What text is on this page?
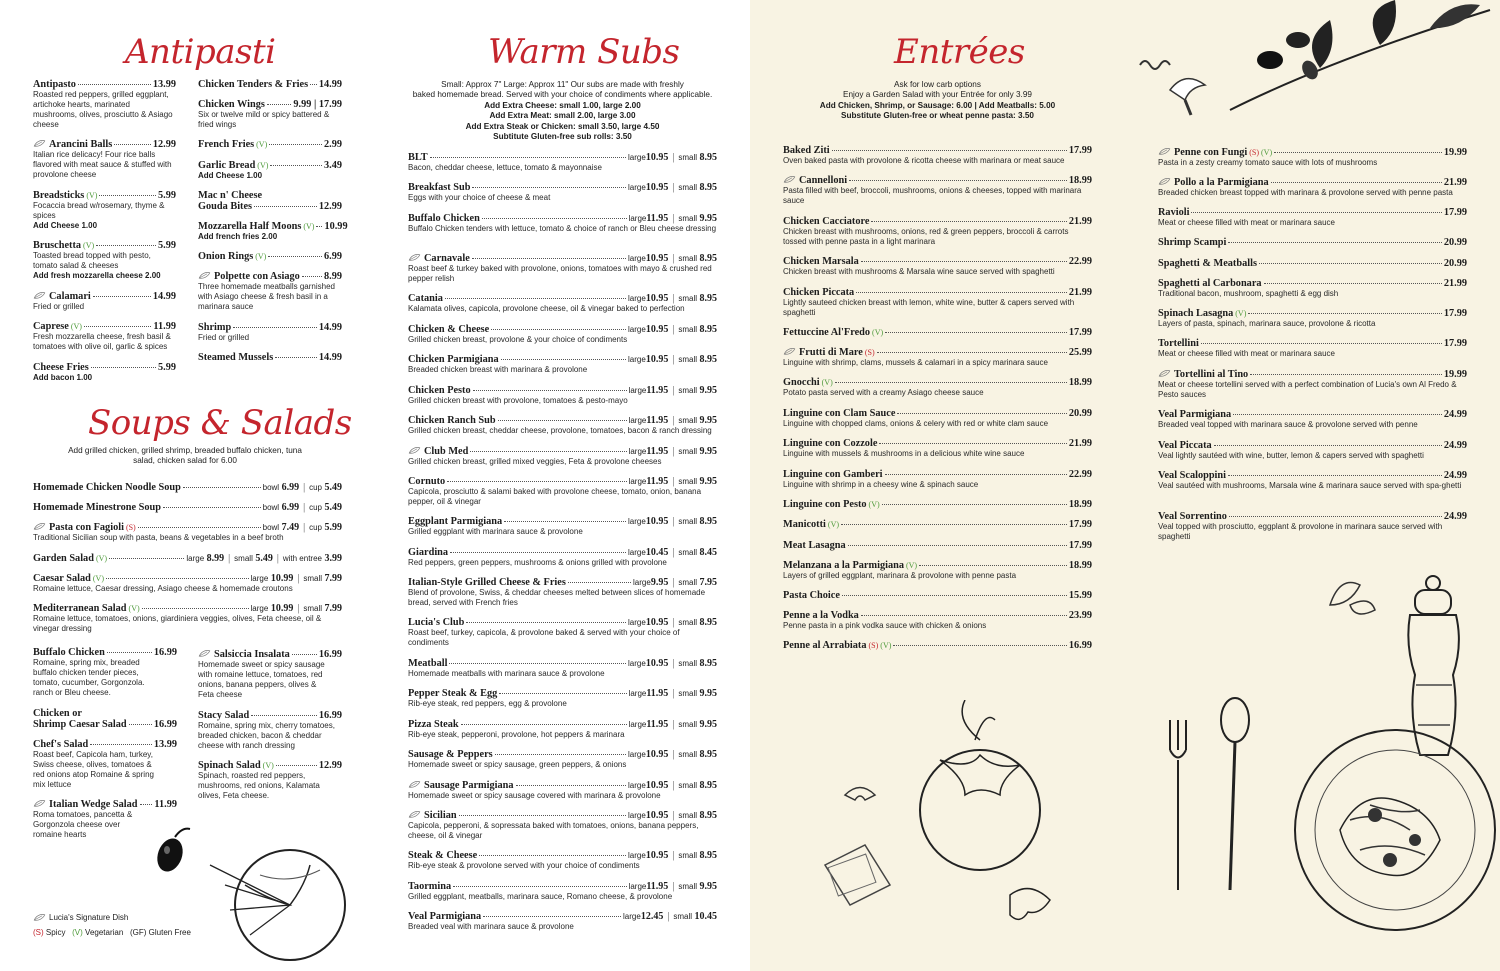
Antipasti
Antipasto	13.99
Roasted red peppers, grilled eggplant, artichoke hearts, marinated mushrooms, olives, prosciutto & Asiago cheese
Arancini Balls	12.99
Italian rice delicacy! Four rice balls flavored with meat sauce & stuffed with provolone cheese
Breadsticks (V)	5.99
Focaccia bread w/rosemary, thyme & spices
Add Cheese 1.00
Bruschetta (V)	5.99
Toasted bread topped with pesto, tomato salad & cheeses
Add fresh mozzarella cheese 2.00
Calamari	14.99
Fried or grilled
Caprese (V)	11.99
Fresh mozzarella cheese, fresh basil & tomatoes with olive oil, garlic & spices
Cheese Fries	5.99
Add bacon 1.00
Chicken Tenders & Fries 14.99
Chicken Wings	9.99 | 17.99
Six or twelve mild or spicy battered & fried wings
French Fries (V)	2.99
Garlic Bread (V)	3.49
Add Cheese 1.00
Mac n' Cheese
Gouda Bites	12.99
Mozzarella Half Moons (V) 10.99
Add french fries 2.00
Onion Rings (V)	6.99
Polpette con Asiago 8.99
Three homemade meatballs garnished with Asiago cheese & fresh basil in a marinara sauce
Shrimp	14.99
Fried or grilled
Steamed Mussels	14.99
Soups & Salads
Add grilled chicken, grilled shrimp, breaded buffalo chicken, tuna salad, chicken salad for 6.00
Homemade Chicken Noodle Soup	bowl 6.99 | cup 5.49
Homemade Minestrone Soup	bowl 6.99 | cup 5.49
Pasta con Fagioli (S)	bowl 7.49 | cup 5.99
Traditional Sicilian soup with pasta, beans & vegetables in a beef broth
Garden Salad (V)	large 8.99 | small 5.49 | with entree 3.99
Caesar Salad (V)	large 10.99 | small 7.99
Romaine lettuce, Caesar dressing, Asiago cheese & homemade croutons
Mediterranean Salad (V)	large 10.99 | small 7.99
Romaine lettuce, tomatoes, onions, giardiniera veggies, olives, Feta cheese, oil & vinegar dressing
Buffalo Chicken	16.99
Romaine, spring mix, breaded buffalo chicken tender pieces, tomato, cucumber, Gorgonzola. ranch or Bleu cheese.
Chicken or
Shrimp Caesar Salad	16.99
Chef's Salad	13.99
Roast beef, Capicola ham, turkey, Swiss cheese, olives, tomatoes & red onions atop Romaine & spring mix lettuce
Italian Wedge Salad 11.99
Roma tomatoes, pancetta & Gorgonzola cheese over romaine hearts
Salsiccia Insalata	16.99
Homemade sweet or spicy sausage with romaine lettuce, tomatoes, red onions, banana peppers, olives & Feta cheese
Stacy Salad	16.99
Romaine, spring mix, cherry tomatoes, breaded chicken, bacon & cheddar cheese with ranch dressing
Spinach Salad (V)	12.99
Spinach, roasted red peppers, mushrooms, red onions, Kalamata olives, Feta cheese.
Lucia's Signature Dish
(S) Spicy (V) Vegetarian (GF) Gluten Free
Warm Subs
Small: Approx 7" Large: Approx 11" Our subs are made with freshly
baked homemade bread. Served with your choice of condiments where applicable.
Add Extra Cheese: small 1.00, large 2.00
Add Extra Meat: small 2.00, large 3.00
Add Extra Steak or Chicken: small 3.50, large 4.50
Subtitute Gluten-free sub rolls: 3.50
BLT	large10.95 | small 8.95
Bacon, cheddar cheese, lettuce, tomato & mayonnaise
Breakfast Sub	large10.95 | small 8.95
Eggs with your choice of cheese & meat
Buffalo Chicken	large11.95 | small 9.95
Buffalo Chicken tenders with lettuce, tomato & choice of ranch or Bleu cheese dressing
Carnavale	large10.95 | small 8.95
Roast beef & turkey baked with provolone, onions, tomatoes with mayo & crushed red pepper relish
Catania	large10.95 | small 8.95
Kalamata olives, capicola, provolone cheese, oil & vinegar baked to perfection
Chicken & Cheese	large10.95 | small 8.95
Grilled chicken breast, provolone & your choice of condiments
Chicken Parmigiana	large10.95 | small 8.95
Breaded chicken breast with marinara & provolone
Chicken Pesto	large11.95 | small 9.95
Grilled chicken breast with provolone, tomatoes & pesto-mayo
Chicken Ranch Sub	large11.95 | small 9.95
Grilled chicken breast, cheddar cheese, provolone, tomatoes, bacon & ranch dressing
Club Med	large11.95 | small 9.95
Grilled chicken breast, grilled mixed veggies, Feta & provolone cheeses
Cornuto	large11.95 | small 9.95
Capicola, prosciutto & salami baked with provolone cheese, tomato, onion, banana pepper, oil & vinegar
Eggplant Parmigiana	large10.95 | small 8.95
Grilled eggplant with marinara sauce & provolone
Giardina	large10.45 | small 8.45
Red peppers, green peppers, mushrooms & onions grilled with provolone
Italian-Style Grilled Cheese & Fries	large9.95 | small 7.95
Blend of provolone, Swiss, & cheddar cheeses melted between slices of homemade bread, served with French fries
Lucia's Club	large10.95 | small 8.95
Roast beef, turkey, capicola, & provolone baked & served with your choice of condiments
Meatball	large10.95 | small 8.95
Homemade meatballs with marinara sauce & provolone
Pepper Steak & Egg	large11.95 | small 9.95
Rib-eye steak, red peppers, egg & provolone
Pizza Steak	large11.95 | small 9.95
Rib-eye steak, pepperoni, provolone, hot peppers & marinara
Sausage & Peppers	large10.95 | small 8.95
Homemade sweet or spicy sausage, green peppers, & onions
Sausage Parmigiana	large10.95 | small 8.95
Homemade sweet or spicy sausage covered with marinara & provolone
Sicilian	large10.95 | small 8.95
Capicola, pepperoni, & sopressata baked with tomatoes, onions, banana peppers, cheese, oil & vinegar
Steak & Cheese	large10.95 | small 8.95
Rib-eye steak & provolone served with your choice of condiments
Taormina	large11.95 | small 9.95
Grilled eggplant, meatballs, marinara sauce, Romano cheese, & provolone
Veal Parmigiana	large12.45 | small 10.45
Breaded veal with marinara sauce & provolone
Entrées
Ask for low carb options
Enjoy a Garden Salad with your Entrée for only 3.99
Add Chicken, Shrimp, or Sausage: 6.00 | Add Meatballs: 5.00
Substitute Gluten-free or wheat penne pasta: 3.50
Baked Ziti	17.99
Oven baked pasta with provolone & ricotta cheese with marinara or meat sauce
Cannelloni	18.99
Pasta filled with beef, broccoli, mushrooms, onions & cheeses, topped with marinara sauce
Chicken Cacciatore	21.99
Chicken breast with mushrooms, onions, red & green peppers, broccoli & carrots tossed with penne pasta in a light marinara
Chicken Marsala	22.99
Chicken breast with mushrooms & Marsala wine sauce served with spaghetti
Chicken Piccata	21.99
Lightly sauteed chicken breast with lemon, white wine, butter & capers served with spaghetti
Fettuccine Al'Fredo (V)	17.99
Frutti di Mare (S)	25.99
Linguine with shrimp, clams, mussels & calamari in a spicy marinara sauce
Gnocchi (V)	18.99
Potato pasta served with a creamy Asiago cheese sauce
Linguine con Clam Sauce	20.99
Linguine with chopped clams, onions & celery with red or white clam sauce
Linguine con Cozzole	21.99
Linguine with mussels & mushrooms in a delicious white wine sauce
Linguine con Gamberi	22.99
Linguine with shrimp in a cheesy wine & spinach sauce
Linguine con Pesto (V)	18.99
Manicotti (V)	17.99
Meat Lasagna	17.99
Melanzana a la Parmigiana (V)	18.99
Layers of grilled eggplant, marinara & provolone with penne pasta
Pasta Choice	15.99
Penne a la Vodka	23.99
Penne pasta in a pink vodka sauce with chicken & onions
Penne al Arrabiata (S) (V)	16.99
Penne con Fungi (S) (V)	19.99
Pasta in a zesty creamy tomato sauce with lots of mushrooms
Pollo a la Parmigiana	21.99
Breaded chicken breast topped with marinara & provolone served with penne pasta
Ravioli	17.99
Meat or cheese filled with meat or marinara sauce
Shrimp Scampi	20.99
Spaghetti & Meatballs	20.99
Spaghetti al Carbonara	21.99
Traditional bacon, mushroom, spaghetti & egg dish
Spinach Lasagna (V)	17.99
Layers of pasta, spinach, marinara sauce, provolone & ricotta
Tortellini	17.99
Meat or cheese filled with meat or marinara sauce
Tortellini al Tino	19.99
Meat or cheese tortellini served with a perfect combination of Lucia's own Al Fredo & Pesto sauces
Veal Parmigiana	24.99
Breaded veal topped with marinara sauce & provolone served with penne
Veal Piccata	24.99
Veal lightly sautéed with wine, butter, lemon & capers served with spaghetti
Veal Scaloppini	24.99
Veal sautéed with mushrooms, Marsala wine & marinara sauce served with spa-ghetti
Veal Sorrentino	24.99
Veal topped with prosciutto, eggplant & provolone in marinara sauce served with spaghetti
